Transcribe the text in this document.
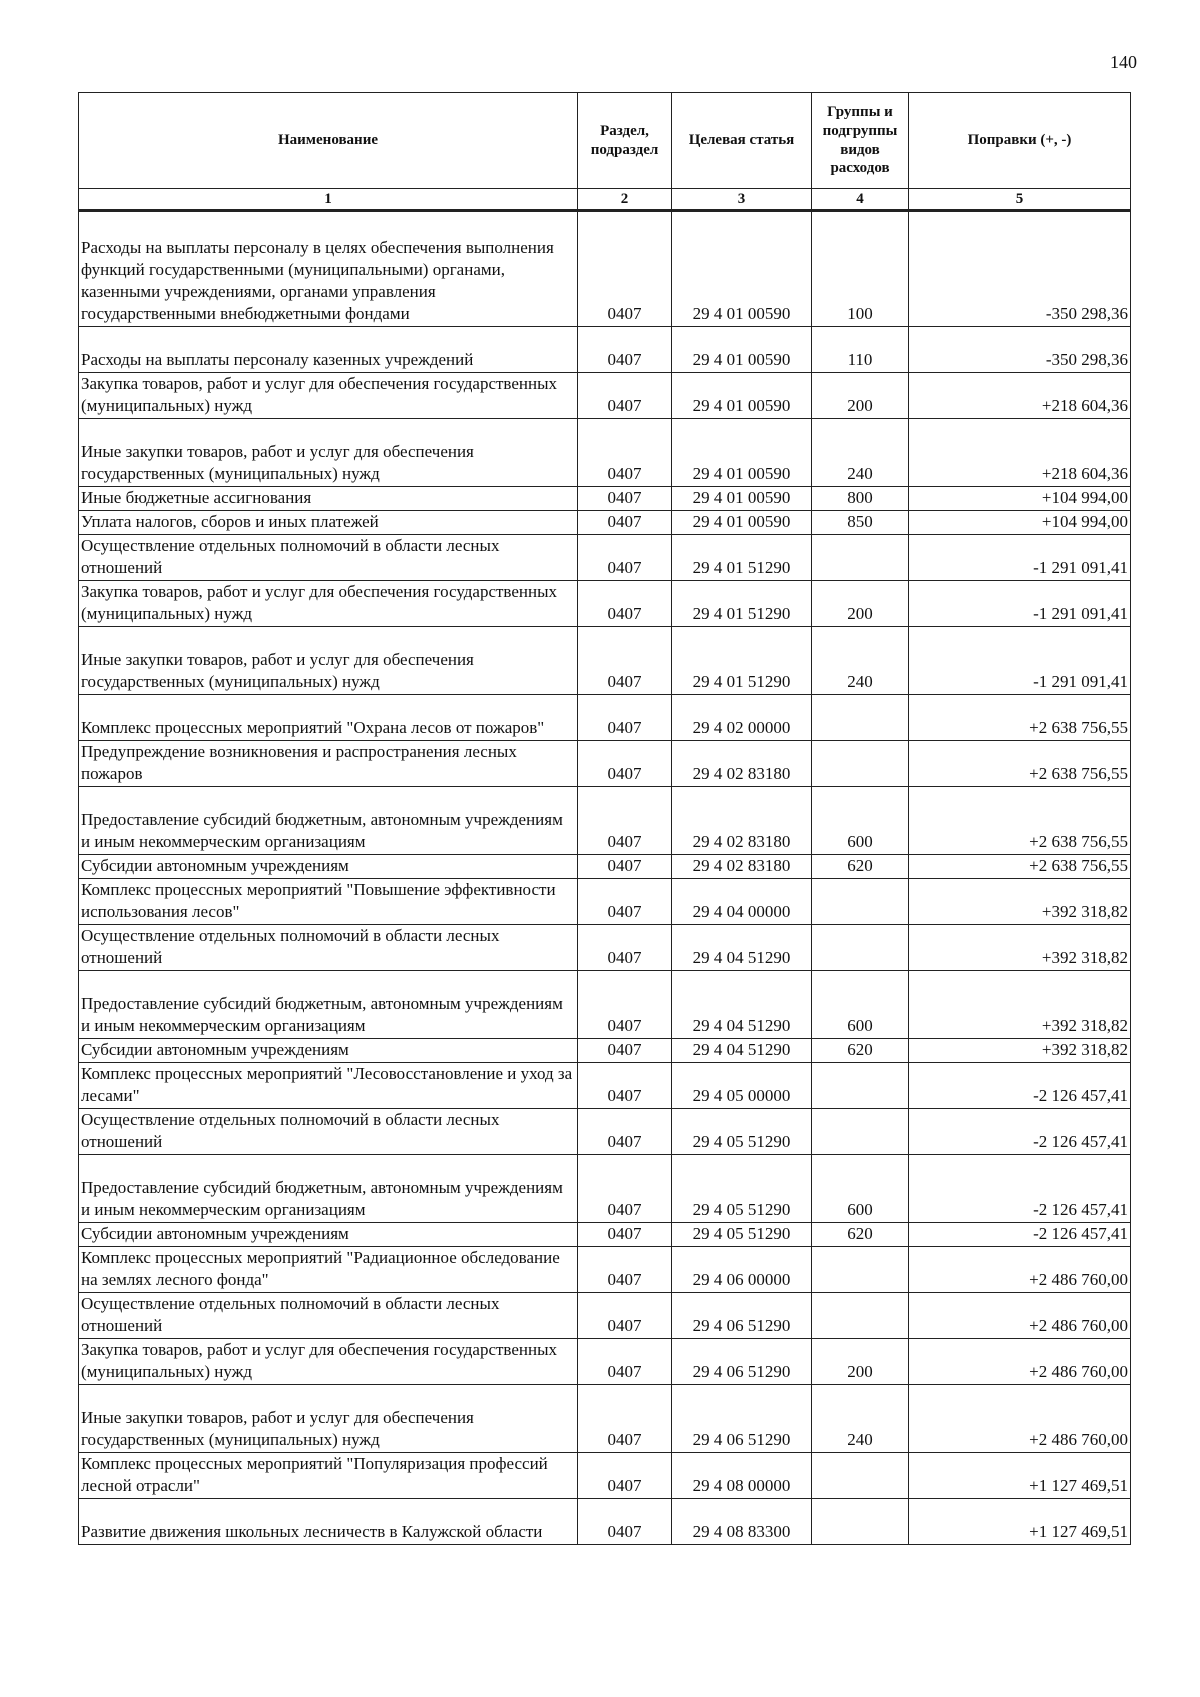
140
Наименование	Раздел, подраздел	Целевая статья	Группы и подгруппы видов расходов	Поправки (+, -)
1	2	3	4	5
Расходы на выплаты персоналу в целях обеспечения выполнения функций государственными (муниципальными) органами, казенными учреждениями, органами управления государственными внебюджетными фондами	0407	29 4 01 00590	100	-350 298,36
Расходы на выплаты персоналу казенных учреждений	0407	29 4 01 00590	110	-350 298,36
Закупка товаров, работ и услуг для обеспечения государственных (муниципальных) нужд	0407	29 4 01 00590	200	+218 604,36
Иные закупки товаров, работ и услуг для обеспечения государственных (муниципальных) нужд	0407	29 4 01 00590	240	+218 604,36
Иные бюджетные ассигнования	0407	29 4 01 00590	800	+104 994,00
Уплата налогов, сборов и иных платежей	0407	29 4 01 00590	850	+104 994,00
Осуществление отдельных полномочий в области лесных отношений	0407	29 4 01 51290		-1 291 091,41
Закупка товаров, работ и услуг для обеспечения государственных (муниципальных) нужд	0407	29 4 01 51290	200	-1 291 091,41
Иные закупки товаров, работ и услуг для обеспечения государственных (муниципальных) нужд	0407	29 4 01 51290	240	-1 291 091,41
Комплекс процессных мероприятий "Охрана лесов от пожаров"	0407	29 4 02 00000		+2 638 756,55
Предупреждение возникновения и распространения лесных пожаров	0407	29 4 02 83180		+2 638 756,55
Предоставление субсидий бюджетным, автономным учреждениям и иным некоммерческим организациям	0407	29 4 02 83180	600	+2 638 756,55
Субсидии автономным учреждениям	0407	29 4 02 83180	620	+2 638 756,55
Комплекс процессных мероприятий "Повышение эффективности использования лесов"	0407	29 4 04 00000		+392 318,82
Осуществление отдельных полномочий в области лесных отношений	0407	29 4 04 51290		+392 318,82
Предоставление субсидий бюджетным, автономным учреждениям и иным некоммерческим организациям	0407	29 4 04 51290	600	+392 318,82
Субсидии автономным учреждениям	0407	29 4 04 51290	620	+392 318,82
Комплекс процессных мероприятий "Лесовосстановление и уход за лесами"	0407	29 4 05 00000		-2 126 457,41
Осуществление отдельных полномочий в области лесных отношений	0407	29 4 05 51290		-2 126 457,41
Предоставление субсидий бюджетным, автономным учреждениям и иным некоммерческим организациям	0407	29 4 05 51290	600	-2 126 457,41
Субсидии автономным учреждениям	0407	29 4 05 51290	620	-2 126 457,41
Комплекс процессных мероприятий "Радиационное обследование на землях лесного фонда"	0407	29 4 06 00000		+2 486 760,00
Осуществление отдельных полномочий в области лесных отношений	0407	29 4 06 51290		+2 486 760,00
Закупка товаров, работ и услуг для обеспечения государственных (муниципальных) нужд	0407	29 4 06 51290	200	+2 486 760,00
Иные закупки товаров, работ и услуг для обеспечения государственных (муниципальных) нужд	0407	29 4 06 51290	240	+2 486 760,00
Комплекс процессных мероприятий "Популяризация профессий лесной отрасли"	0407	29 4 08 00000		+1 127 469,51
Развитие движения школьных лесничеств в Калужской области	0407	29 4 08 83300		+1 127 469,51
